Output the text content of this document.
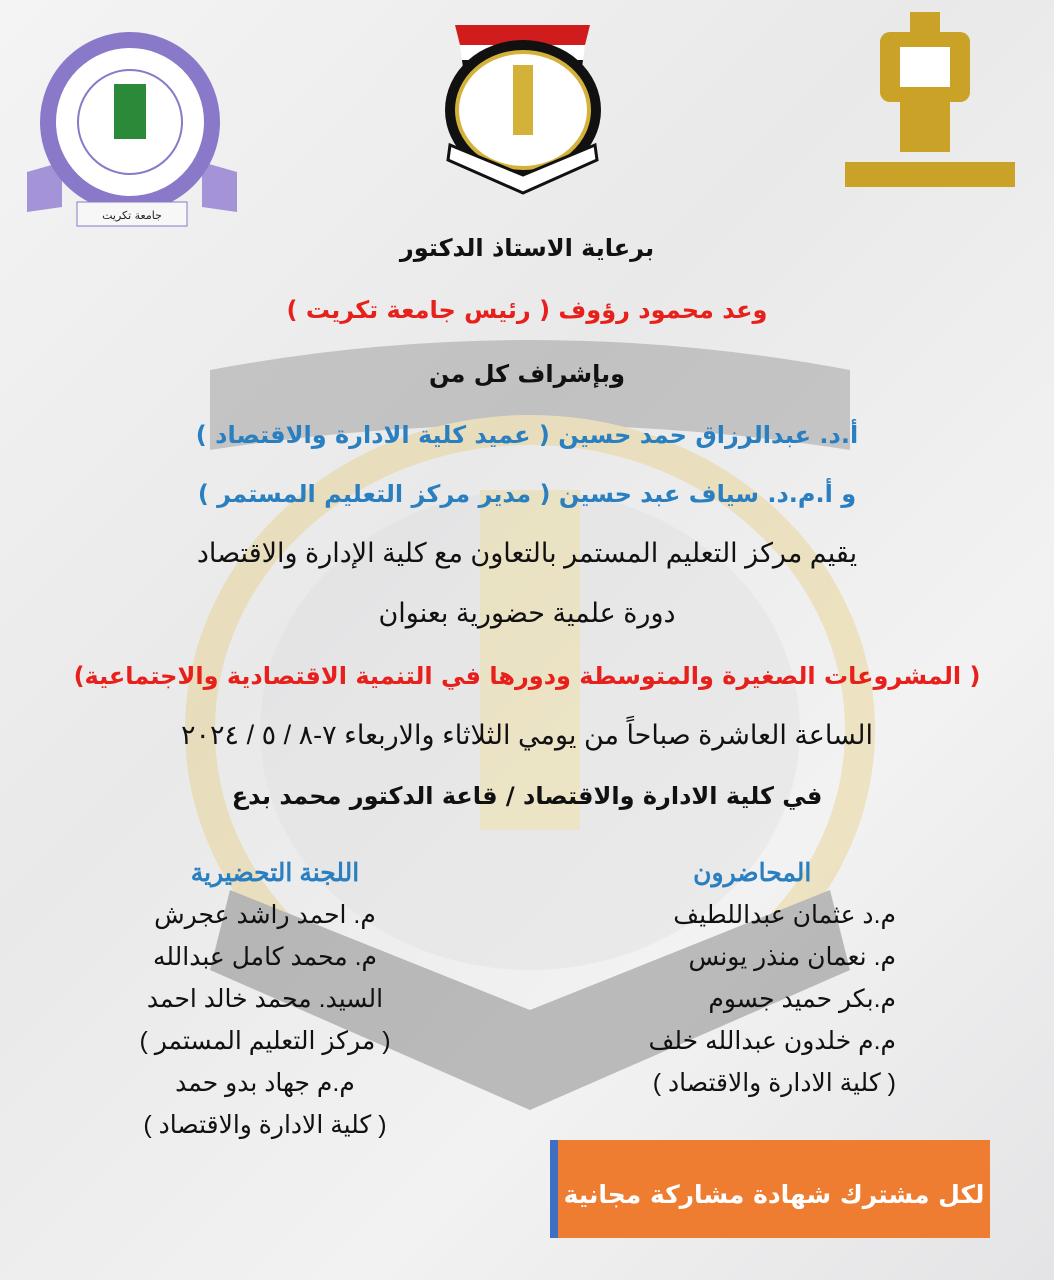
جامعة تكريت
برعاية الاستاذ الدكتور
وعد محمود رؤوف ( رئيس جامعة تكريت )
وبإشراف كل من
أ.د. عبدالرزاق حمد حسين ( عميد كلية الادارة والاقتصاد )
و أ.م.د. سياف عبد حسين ( مدير مركز التعليم المستمر )
يقيم مركز التعليم المستمر بالتعاون مع كلية الإدارة والاقتصاد
دورة علمية حضورية بعنوان
( المشروعات الصغيرة والمتوسطة ودورها في التنمية الاقتصادية والاجتماعية)
الساعة العاشرة صباحاً من يومي الثلاثاء والاربعاء ٧-٨ / ٥ / ٢٠٢٤
في كلية الادارة والاقتصاد / قاعة الدكتور محمد بدع
المحاضرون
م.د عثمان عبداللطيف
م. نعمان منذر يونس
م.بكر حميد جسوم
م.م خلدون عبدالله خلف
( كلية الادارة والاقتصاد )
اللجنة التحضيرية
م. احمد راشد عجرش
م. محمد كامل عبدالله
السيد. محمد خالد احمد
( مركز التعليم المستمر )
م.م جهاد بدو حمد
( كلية الادارة والاقتصاد )
لكل مشترك شهادة مشاركة مجانية
